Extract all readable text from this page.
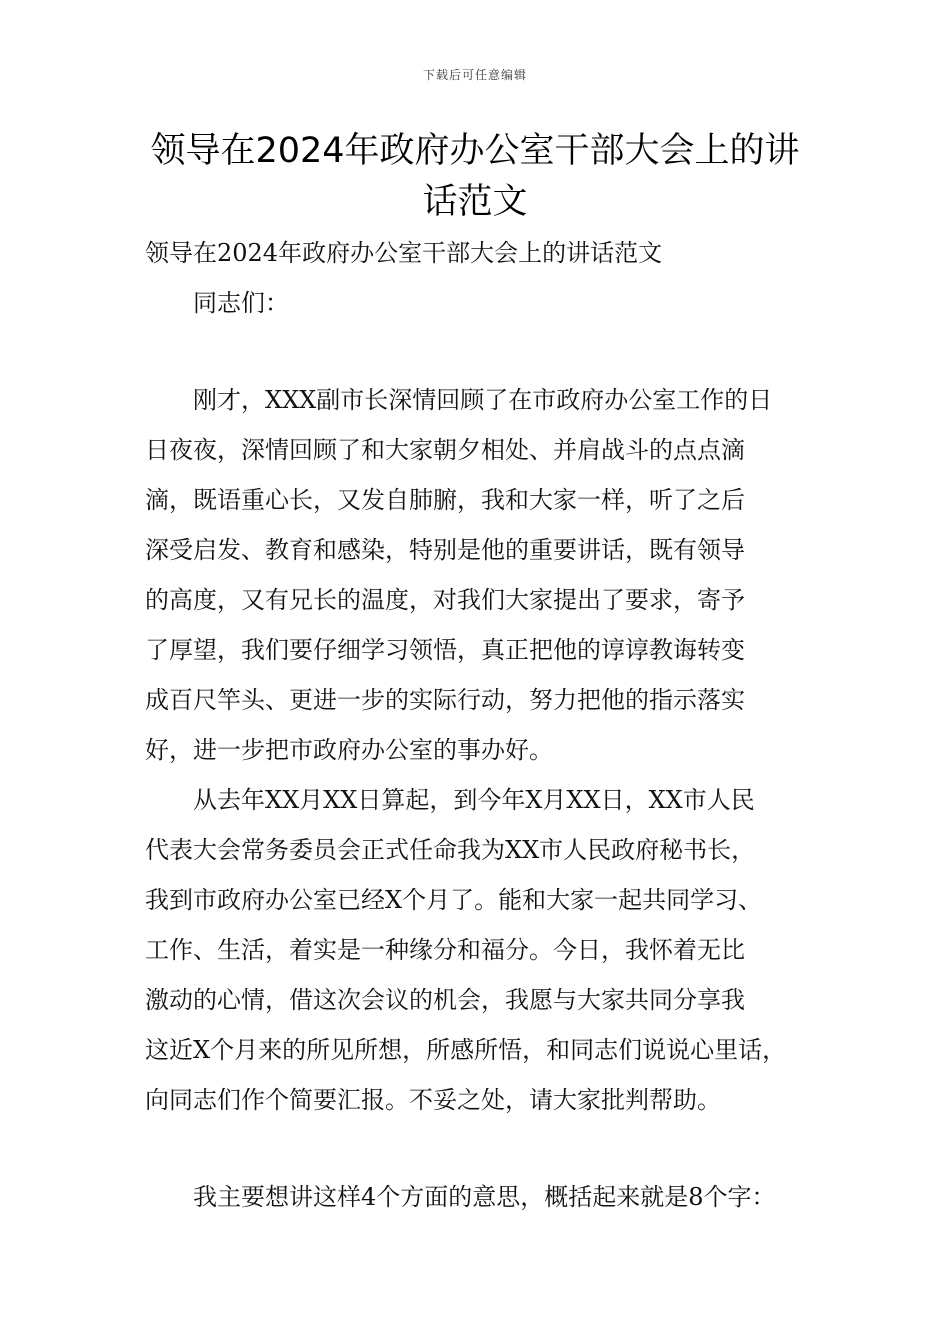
下载后可任意编辑
领导在2024年政府办公室干部大会上的讲
话范文

领导在2024年政府办公室干部大会上的讲话范文

同志们：

刚才，XXX副市长深情回顾了在市政府办公室工作的日
日夜夜，深情回顾了和大家朝夕相处、并肩战斗的点点滴
滴，既语重心长，又发自肺腑，我和大家一样，听了之后
深受启发、教育和感染，特别是他的重要讲话，既有领导
的高度，又有兄长的温度，对我们大家提出了要求，寄予
了厚望，我们要仔细学习领悟，真正把他的谆谆教诲转变
成百尺竿头、更进一步的实际行动，努力把他的指示落实
好，进一步把市政府办公室的事办好。
从去年XX月XX日算起，到今年X月XX日，XX市人民
代表大会常务委员会正式任命我为XX市人民政府秘书长，
我到市政府办公室已经X个月了。能和大家一起共同学习、
工作、生活，着实是一种缘分和福分。今日，我怀着无比
激动的心情，借这次会议的机会，我愿与大家共同分享我
这近X个月来的所见所想，所感所悟，和同志们说说心里话，
向同志们作个简要汇报。不妥之处，请大家批判帮助。
我主要想讲这样4个方面的意思，概括起来就是8个字：
